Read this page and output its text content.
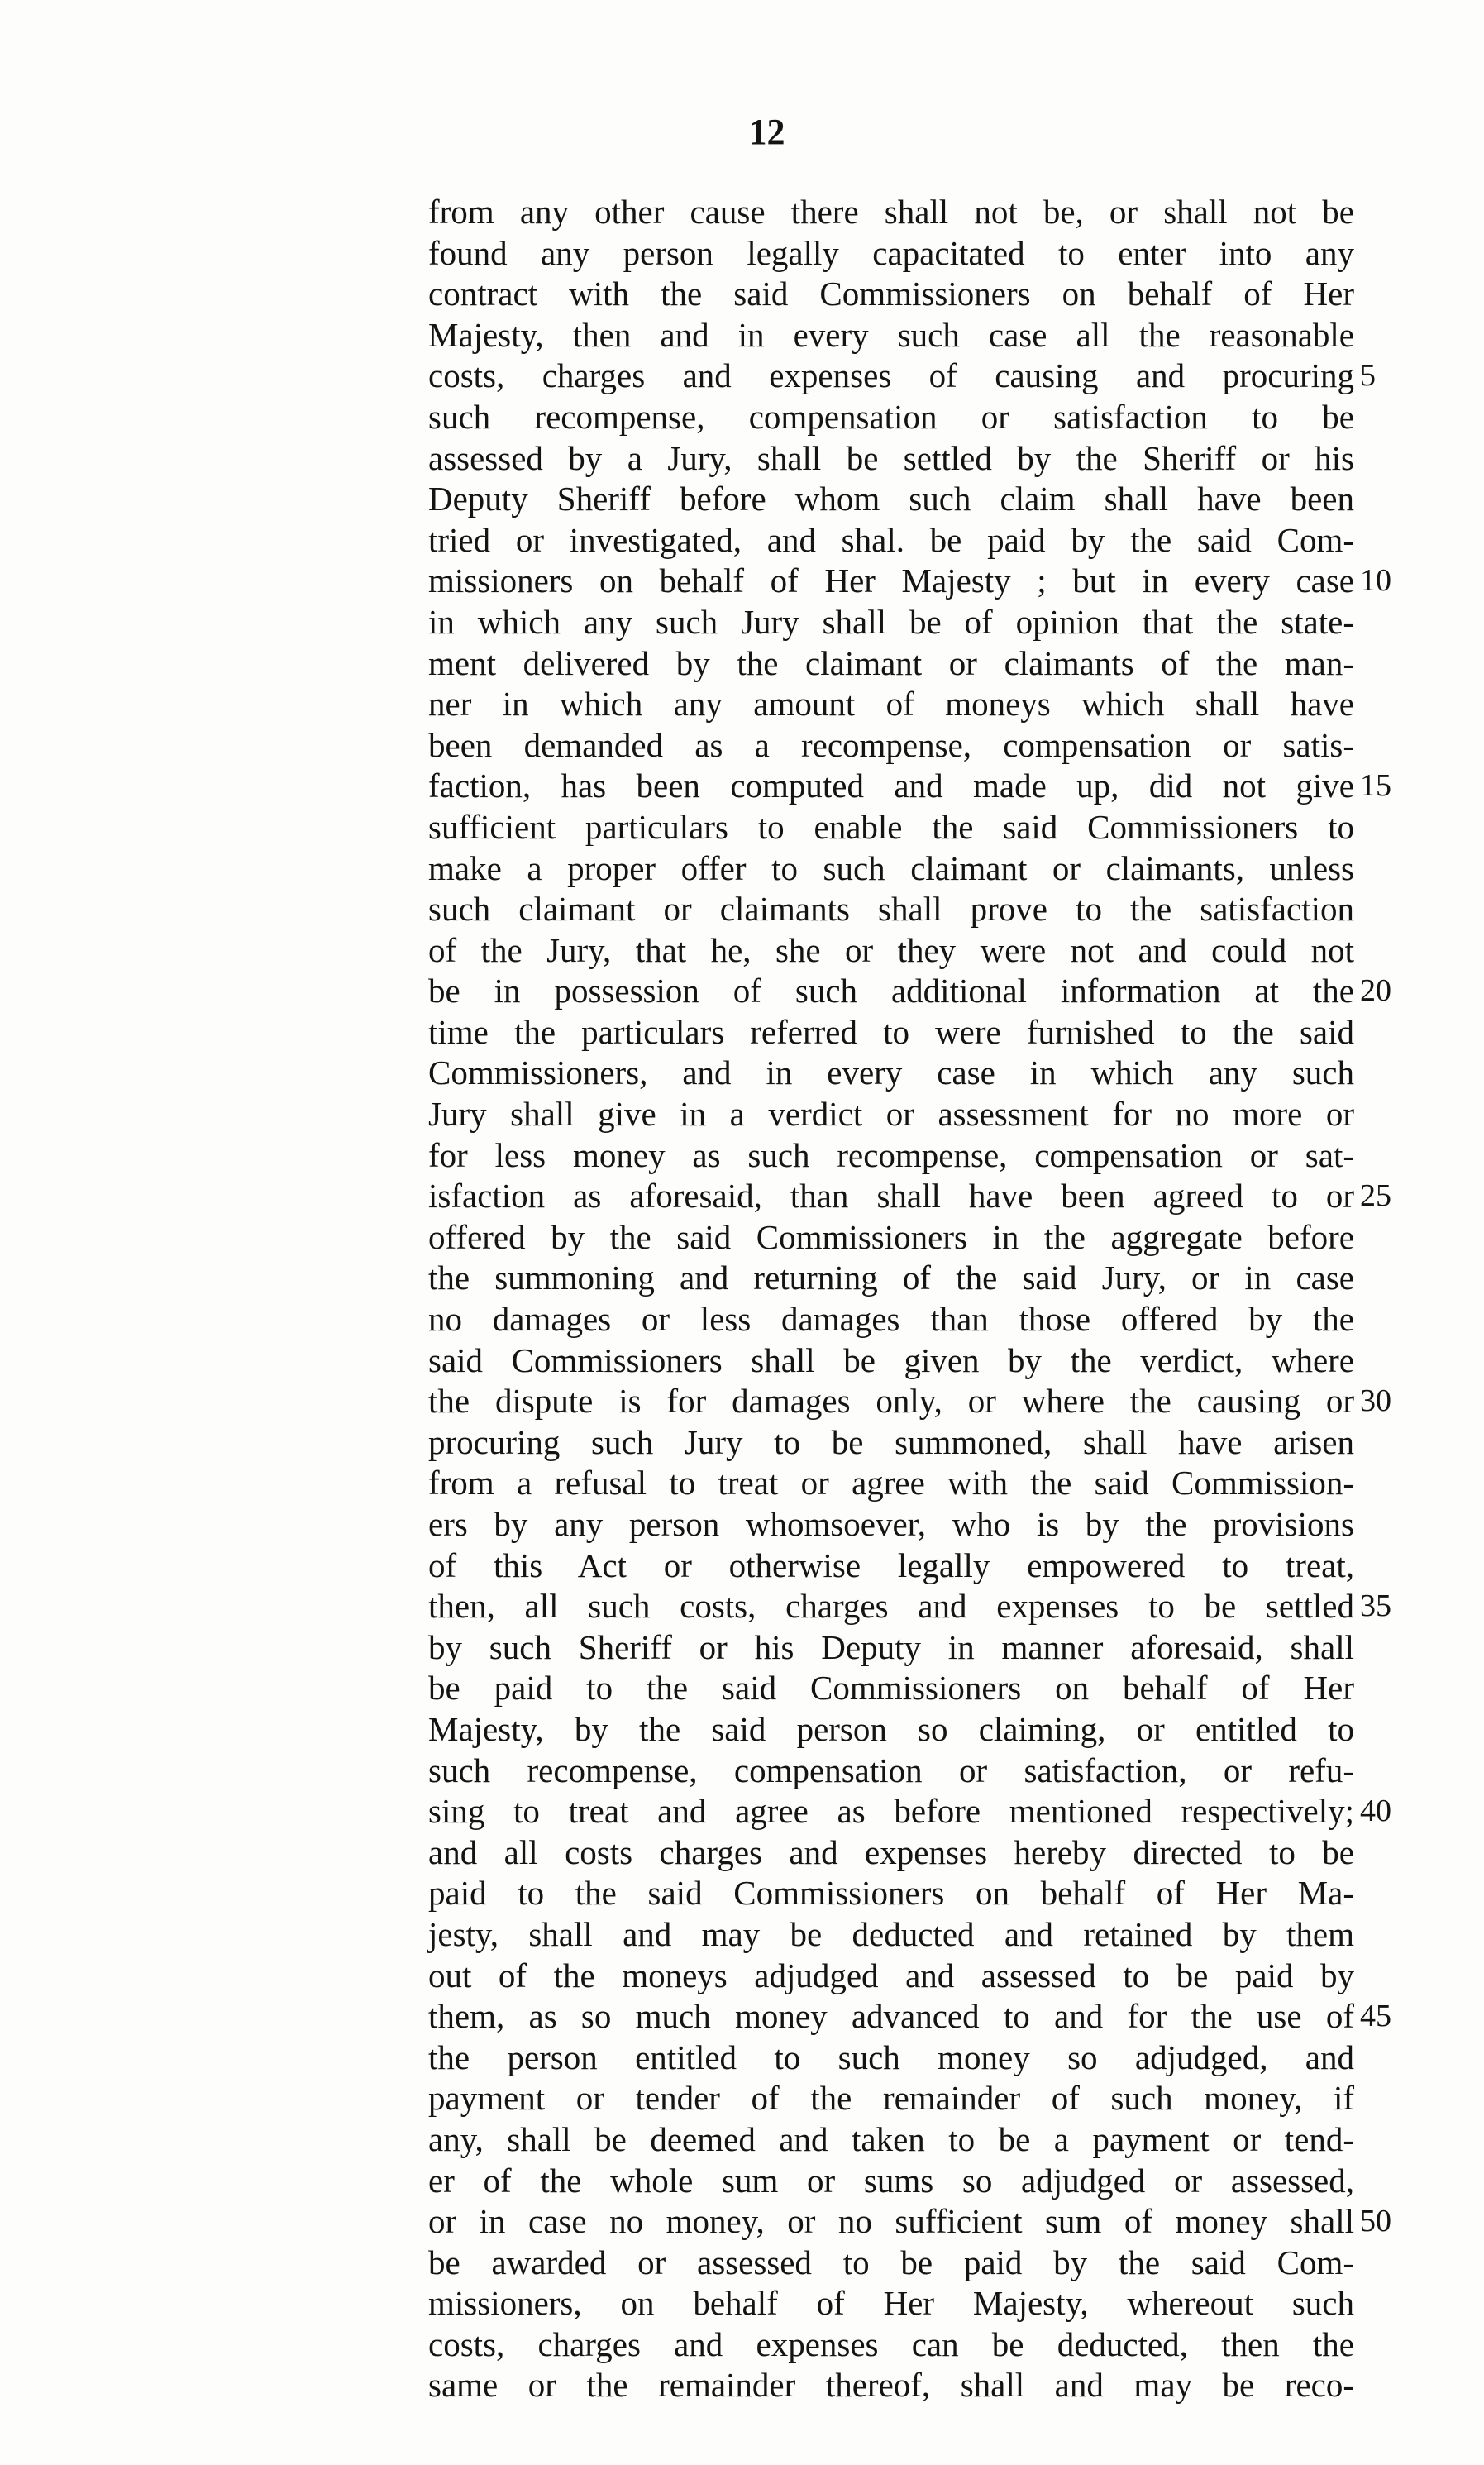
12
from any other cause there shall not be, or shall not be
found any person legally capacitated to enter into any
contract with the said Commissioners on behalf of Her
Majesty, then and in every such case all the reasonable
costs, charges and expenses of causing and procuring
such recompense, compensation or satisfaction to be
assessed by a Jury, shall be settled by the Sheriff or his
Deputy Sheriff before whom such claim shall have been
tried or investigated, and shal. be paid by the said Com-
missioners on behalf of Her Majesty ; but in every case
in which any such Jury shall be of opinion that the state-
ment delivered by the claimant or claimants of the man-
ner in which any amount of moneys which shall have
been demanded as a recompense, compensation or satis-
faction, has been computed and made up, did not give
sufficient particulars to enable the said Commissioners to
make a proper offer to such claimant or claimants, unless
such claimant or claimants shall prove to the satisfaction
of the Jury, that he, she or they were not and could not
be in possession of such additional information at the
time the particulars referred to were furnished to the said
Commissioners, and in every case in which any such
Jury shall give in a verdict or assessment for no more or
for less money as such recompense, compensation or sat-
isfaction as aforesaid, than shall have been agreed to or
offered by the said Commissioners in the aggregate before
the summoning and returning of the said Jury, or in case
no damages or less damages than those offered by the
said Commissioners shall be given by the verdict, where
the dispute is for damages only, or where the causing or
procuring such Jury to be summoned, shall have arisen
from a refusal to treat or agree with the said Commission-
ers by any person whomsoever, who is by the provisions
of this Act or otherwise legally empowered to treat,
then, all such costs, charges and expenses to be settled
by such Sheriff or his Deputy in manner aforesaid, shall
be paid to the said Commissioners on behalf of Her
Majesty, by the said person so claiming, or entitled to
such recompense, compensation or satisfaction, or refu-
sing to treat and agree as before mentioned respectively;
and all costs charges and expenses hereby directed to be
paid to the said Commissioners on behalf of Her Ma-
jesty, shall and may be deducted and retained by them
out of the moneys adjudged and assessed to be paid by
them, as so much money advanced to and for the use of
the person entitled to such money so adjudged, and
payment or tender of the remainder of such money, if
any, shall be deemed and taken to be a payment or tend-
er of the whole sum or sums so adjudged or assessed,
or in case no money, or no sufficient sum of money shall
be awarded or assessed to be paid by the said Com-
missioners, on behalf of Her Majesty, whereout such
costs, charges and expenses can be deducted, then the
same or the remainder thereof, shall and may be reco-
5
10
15
20
25
30
35
40
45
50
